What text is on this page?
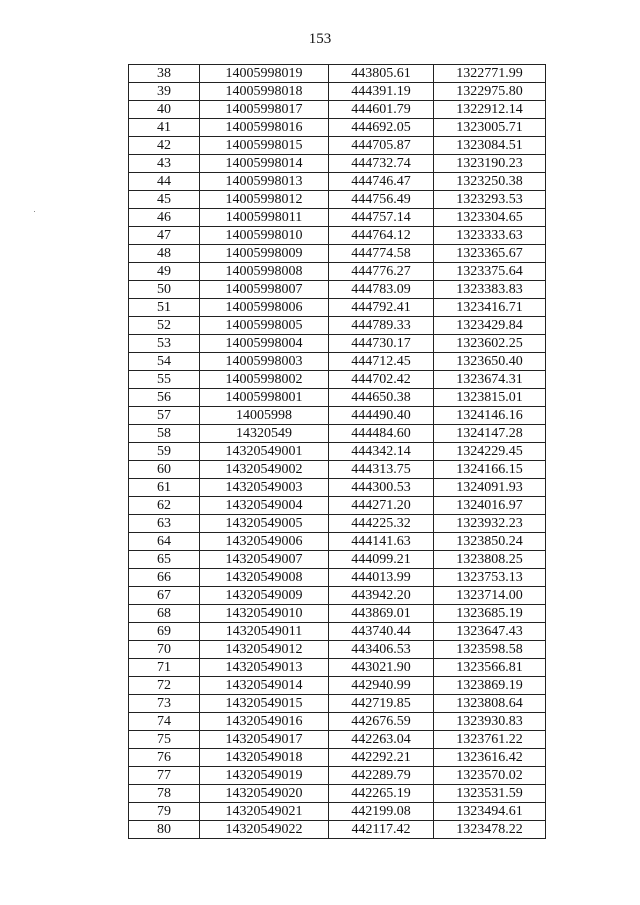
153
38	14005998019	443805.61	1322771.99
39	14005998018	444391.19	1322975.80
40	14005998017	444601.79	1322912.14
41	14005998016	444692.05	1323005.71
42	14005998015	444705.87	1323084.51
43	14005998014	444732.74	1323190.23
44	14005998013	444746.47	1323250.38
45	14005998012	444756.49	1323293.53
46	14005998011	444757.14	1323304.65
47	14005998010	444764.12	1323333.63
48	14005998009	444774.58	1323365.67
49	14005998008	444776.27	1323375.64
50	14005998007	444783.09	1323383.83
51	14005998006	444792.41	1323416.71
52	14005998005	444789.33	1323429.84
53	14005998004	444730.17	1323602.25
54	14005998003	444712.45	1323650.40
55	14005998002	444702.42	1323674.31
56	14005998001	444650.38	1323815.01
57	14005998	444490.40	1324146.16
58	14320549	444484.60	1324147.28
59	14320549001	444342.14	1324229.45
60	14320549002	444313.75	1324166.15
61	14320549003	444300.53	1324091.93
62	14320549004	444271.20	1324016.97
63	14320549005	444225.32	1323932.23
64	14320549006	444141.63	1323850.24
65	14320549007	444099.21	1323808.25
66	14320549008	444013.99	1323753.13
67	14320549009	443942.20	1323714.00
68	14320549010	443869.01	1323685.19
69	14320549011	443740.44	1323647.43
70	14320549012	443406.53	1323598.58
71	14320549013	443021.90	1323566.81
72	14320549014	442940.99	1323869.19
73	14320549015	442719.85	1323808.64
74	14320549016	442676.59	1323930.83
75	14320549017	442263.04	1323761.22
76	14320549018	442292.21	1323616.42
77	14320549019	442289.79	1323570.02
78	14320549020	442265.19	1323531.59
79	14320549021	442199.08	1323494.61
80	14320549022	442117.42	1323478.22
